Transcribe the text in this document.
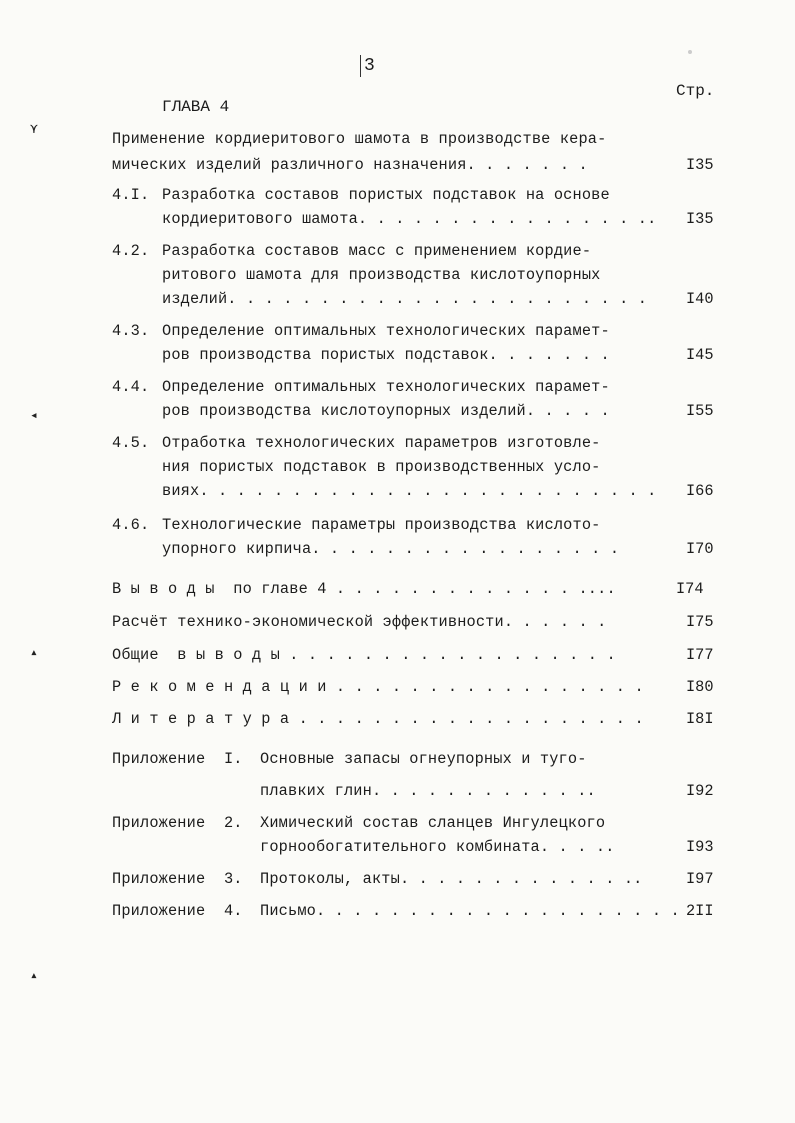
3
Стр.
ГЛАВА 4
Применение кордиеритового шамота в производстве кера-
мических изделий различного назначения. . . . . . .	I35
4.I. Разработка составов пористых подставок на основе
кордиеритового шамота. . . . . . . . . . . . . . . .. I35
4.2. Разработка составов масс с применением кордие-
ритового шамота для производства кислотоупорных
изделий. . . . . . . . . . . . . . . . . . . . . . .	I40
4.3. Определение оптимальных технологических парамет-
ров производства пористых подставок. . . . . . .	I45
4.4. Определение оптимальных технологических парамет-
ров производства кислотоупорных изделий. . . . .	I55
4.5. Отработка технологических параметров изготовле-
ния пористых подставок в производственных усло-
виях. . . . . . . . . . . . . . . . . . . . . . . . . I66
4.6. Технологические параметры производства кислото-
упорного кирпича. . . . . . . . . . . . . . . . .	I70
В ы в о д ы  по главе 4 . . . . . . . . . . . . . ....	I74
Расчёт технико-экономической эффективности. . . . . .	I75
Общие  в ы в о д ы . . . . . . . . . . . . . . . . . .	I77
Р е к о м е н д а ц и и . . . . . . . . . . . . . . . . .	I80
Л и т е р а т у р а . . . . . . . . . . . . . . . . . . .	I8I
Приложение  I. Основные запасы огнеупорных и туго-
плавких глин. . . . . . . . . . . ..	I92
Приложение  2. Химический состав сланцев Ингулецкого
горнообогатительного комбината. . . ..	I93
Приложение  3. Протоколы, акты. . . . . . . . . . . . ..	I97
Приложение  4. Письмо. . . . . . . . . . . . . . . . . . . . 2II
⋎
◂
▴
▴
